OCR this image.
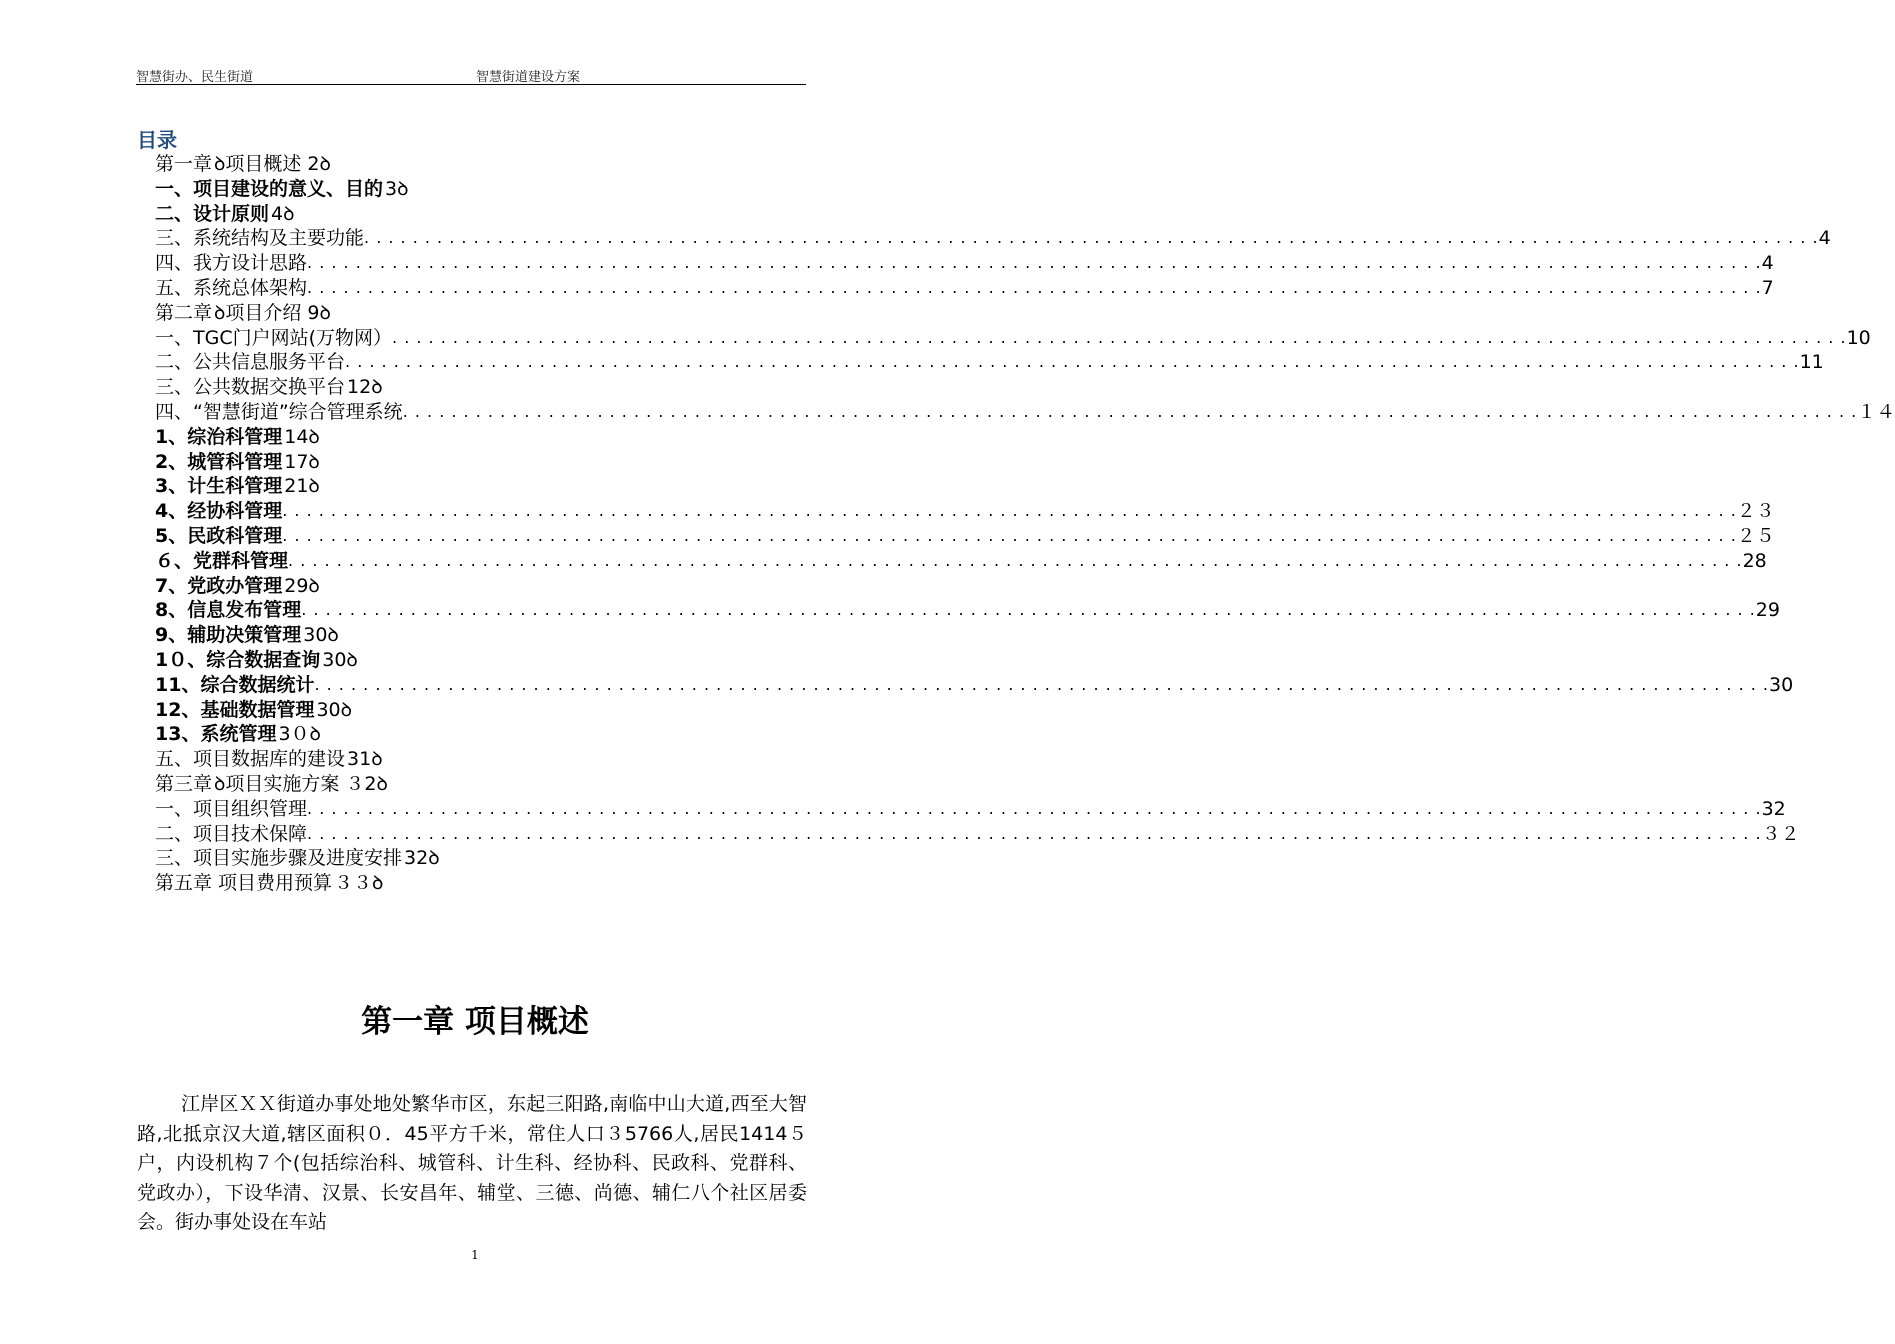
智慧街办、民生街道	智慧街道建设方案
目录
第一章 ꝺ项目概述 2ꝺ
一、项目建设的意义、目的 3ꝺ
二、设计原则 4ꝺ
三、系统结构及主要功能 . . . . . . . . . . . . . . . . . . . . . . . . . . . . . . . . . . . . . . . . . . . . . . . . . . . . . . . . . . . . . . . . . . . . . . . . . . . . . . . . . . . . . . . . . . . . . . . . . . . . . . . . . . . . . . . . . . . . . . . . 4
四、我方设计思路 . . . . . . . . . . . . . . . . . . . . . . . . . . . . . . . . . . . . . . . . . . . . . . . . . . . . . . . . . . . . . . . . . . . . . . . . . . . . . . . . . . . . . . . . . . . . . . . . . . . . . . . . . . . . . . . . . . . . . . . . 4
五、系统总体架构 . . . . . . . . . . . . . . . . . . . . . . . . . . . . . . . . . . . . . . . . . . . . . . . . . . . . . . . . . . . . . . . . . . . . . . . . . . . . . . . . . . . . . . . . . . . . . . . . . . . . . . . . . . . . . . . . . . . . . . . . 7
第二章 ꝺ项目介绍 9ꝺ
一、TGC门户网站(万物网） . . . . . . . . . . . . . . . . . . . . . . . . . . . . . . . . . . . . . . . . . . . . . . . . . . . . . . . . . . . . . . . . . . . . . . . . . . . . . . . . . . . . . . . . . . . . . . . . . . . . . . . . . . . . . . . . . . . . . . . . 10
二、公共信息服务平台 . . . . . . . . . . . . . . . . . . . . . . . . . . . . . . . . . . . . . . . . . . . . . . . . . . . . . . . . . . . . . . . . . . . . . . . . . . . . . . . . . . . . . . . . . . . . . . . . . . . . . . . . . . . . . . . . . . . . . . . . 11
三、公共数据交换平台 12ꝺ
四、“智慧街道”综合管理系统 . . . . . . . . . . . . . . . . . . . . . . . . . . . . . . . . . . . . . . . . . . . . . . . . . . . . . . . . . . . . . . . . . . . . . . . . . . . . . . . . . . . . . . . . . . . . . . . . . . . . . . . . . . . . . . . . . . . . . . . . １４
1、综治科管理 14ꝺ
2、城管科管理 17ꝺ
3、计生科管理 21ꝺ
4、经协科管理 . . . . . . . . . . . . . . . . . . . . . . . . . . . . . . . . . . . . . . . . . . . . . . . . . . . . . . . . . . . . . . . . . . . . . . . . . . . . . . . . . . . . . . . . . . . . . . . . . . . . . . . . . . . . . . . . . . . . . . . . ２３
5、民政科管理 . . . . . . . . . . . . . . . . . . . . . . . . . . . . . . . . . . . . . . . . . . . . . . . . . . . . . . . . . . . . . . . . . . . . . . . . . . . . . . . . . . . . . . . . . . . . . . . . . . . . . . . . . . . . . . . . . . . . . . . . ２５
６、党群科管理 . . . . . . . . . . . . . . . . . . . . . . . . . . . . . . . . . . . . . . . . . . . . . . . . . . . . . . . . . . . . . . . . . . . . . . . . . . . . . . . . . . . . . . . . . . . . . . . . . . . . . . . . . . . . . . . . . . . . . . . . 28
7、党政办管理 29ꝺ
8、信息发布管理 . . . . . . . . . . . . . . . . . . . . . . . . . . . . . . . . . . . . . . . . . . . . . . . . . . . . . . . . . . . . . . . . . . . . . . . . . . . . . . . . . . . . . . . . . . . . . . . . . . . . . . . . . . . . . . . . . . . . . . . . 29
9、辅助决策管理 30ꝺ
1０、综合数据查询 30ꝺ
11、综合数据统计 . . . . . . . . . . . . . . . . . . . . . . . . . . . . . . . . . . . . . . . . . . . . . . . . . . . . . . . . . . . . . . . . . . . . . . . . . . . . . . . . . . . . . . . . . . . . . . . . . . . . . . . . . . . . . . . . . . . . . . . . 30
12、基础数据管理 30ꝺ
13、系统管理 3０ꝺ
五、项目数据库的建设 31ꝺ
第三章 ꝺ项目实施方案 ３2ꝺ
一、项目组织管理 . . . . . . . . . . . . . . . . . . . . . . . . . . . . . . . . . . . . . . . . . . . . . . . . . . . . . . . . . . . . . . . . . . . . . . . . . . . . . . . . . . . . . . . . . . . . . . . . . . . . . . . . . . . . . . . . . . . . . . . . 32
二、项目技术保障 . . . . . . . . . . . . . . . . . . . . . . . . . . . . . . . . . . . . . . . . . . . . . . . . . . . . . . . . . . . . . . . . . . . . . . . . . . . . . . . . . . . . . . . . . . . . . . . . . . . . . . . . . . . . . . . . . . . . . . . . ３２
三、项目实施步骤及进度安排 32ꝺ
第五章 项目费用预算 ３３ꝺ
第一章 项目概述

江岸区ＸＸ街道办事处地处繁华市区，东起三阳路,南临中山大道,西至大智路,北抵京汉大道,辖区面积０．45平方千米，常住人口３5766人,居民1414５户，内设机构７个(包括综治科、城管科、计生科、经协科、民政科、党群科、党政办），下设华清、汉景、长安昌年、辅堂、三德、尚德、辅仁八个社区居委会。街办事处设在车站

1
